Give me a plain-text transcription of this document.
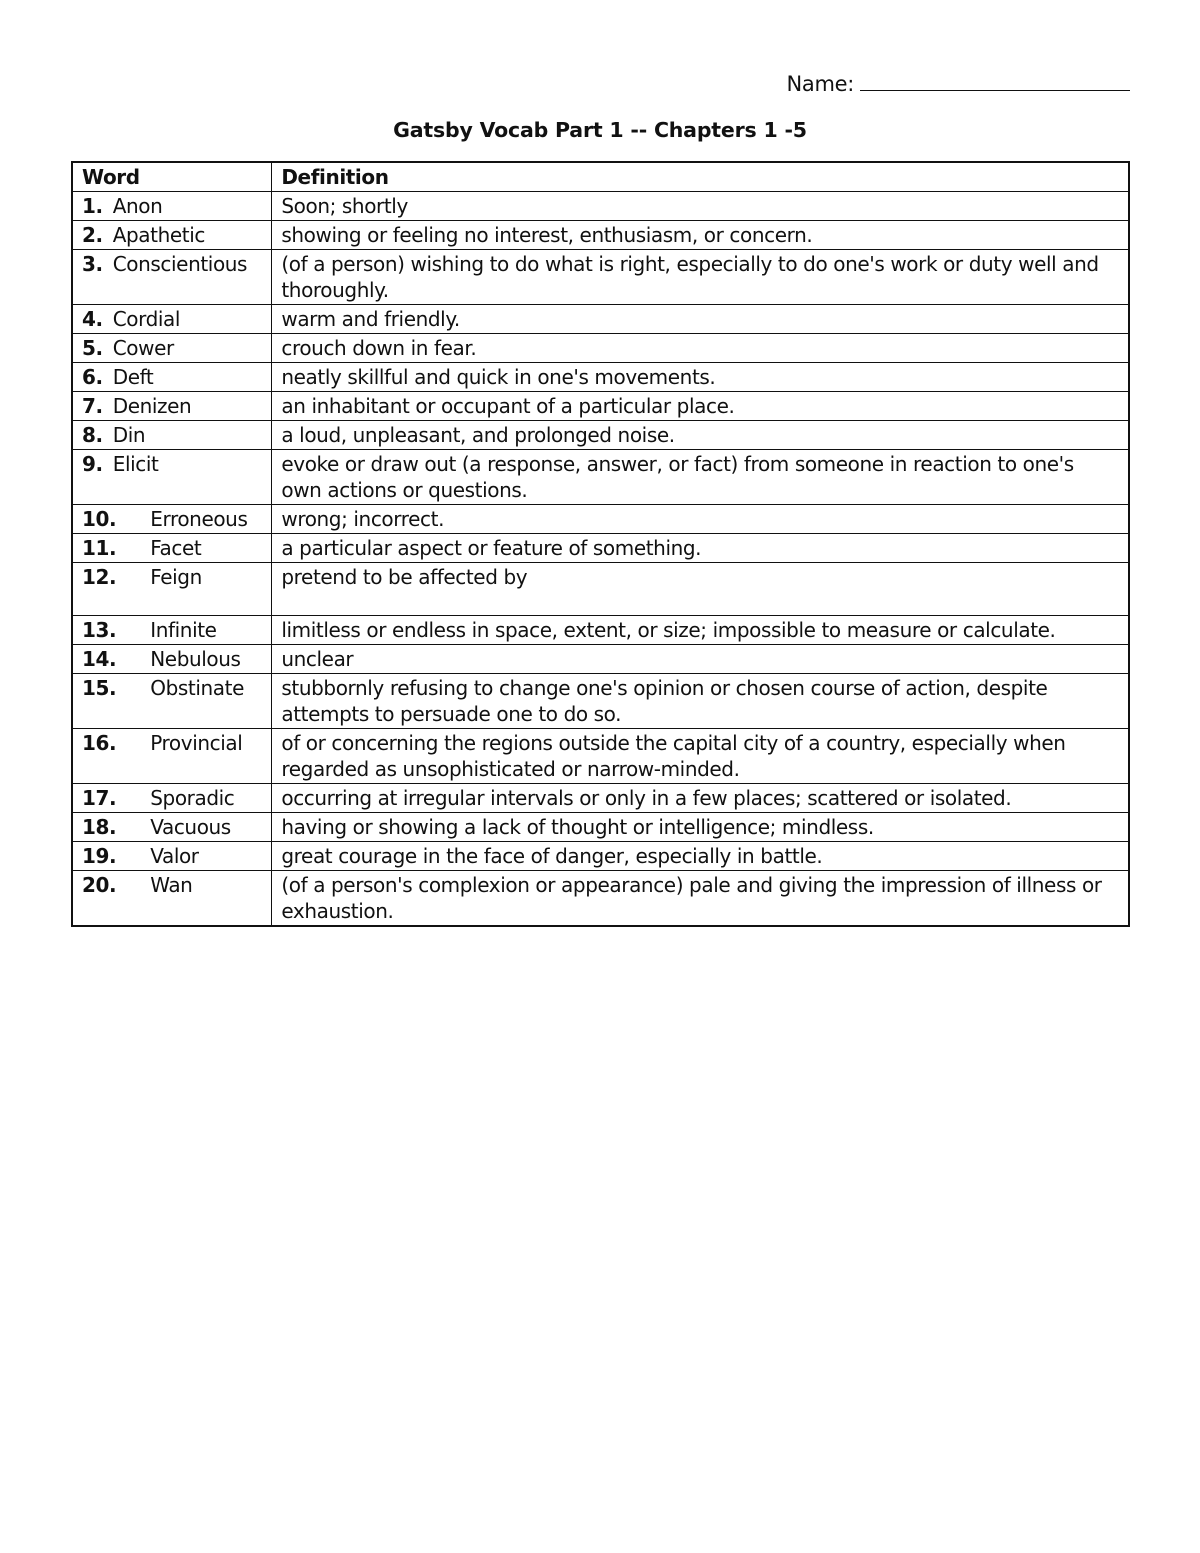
Name:
Gatsby Vocab Part 1 -- Chapters 1 -5
Word	Definition
1. Anon	Soon; shortly
2. Apathetic	showing or feeling no interest, enthusiasm, or concern.
3. Conscientious	(of a person) wishing to do what is right, especially to do one's work or duty well and thoroughly.
4. Cordial	warm and friendly.
5. Cower	crouch down in fear.
6. Deft	neatly skillful and quick in one's movements.
7. Denizen	an inhabitant or occupant of a particular place.
8. Din	a loud, unpleasant, and prolonged noise.
9. Elicit	evoke or draw out (a response, answer, or fact) from someone in reaction to one's own actions or questions.
10. Erroneous	wrong; incorrect.
11. Facet	a particular aspect or feature of something.
12. Feign	pretend to be affected by
13. Infinite	limitless or endless in space, extent, or size; impossible to measure or calculate.
14. Nebulous	unclear
15. Obstinate	stubbornly refusing to change one's opinion or chosen course of action, despite attempts to persuade one to do so.
16. Provincial	of or concerning the regions outside the capital city of a country, especially when regarded as unsophisticated or narrow-minded.
17. Sporadic	occurring at irregular intervals or only in a few places; scattered or isolated.
18. Vacuous	having or showing a lack of thought or intelligence; mindless.
19. Valor	great courage in the face of danger, especially in battle.
20. Wan	(of a person's complexion or appearance) pale and giving the impression of illness or exhaustion.
